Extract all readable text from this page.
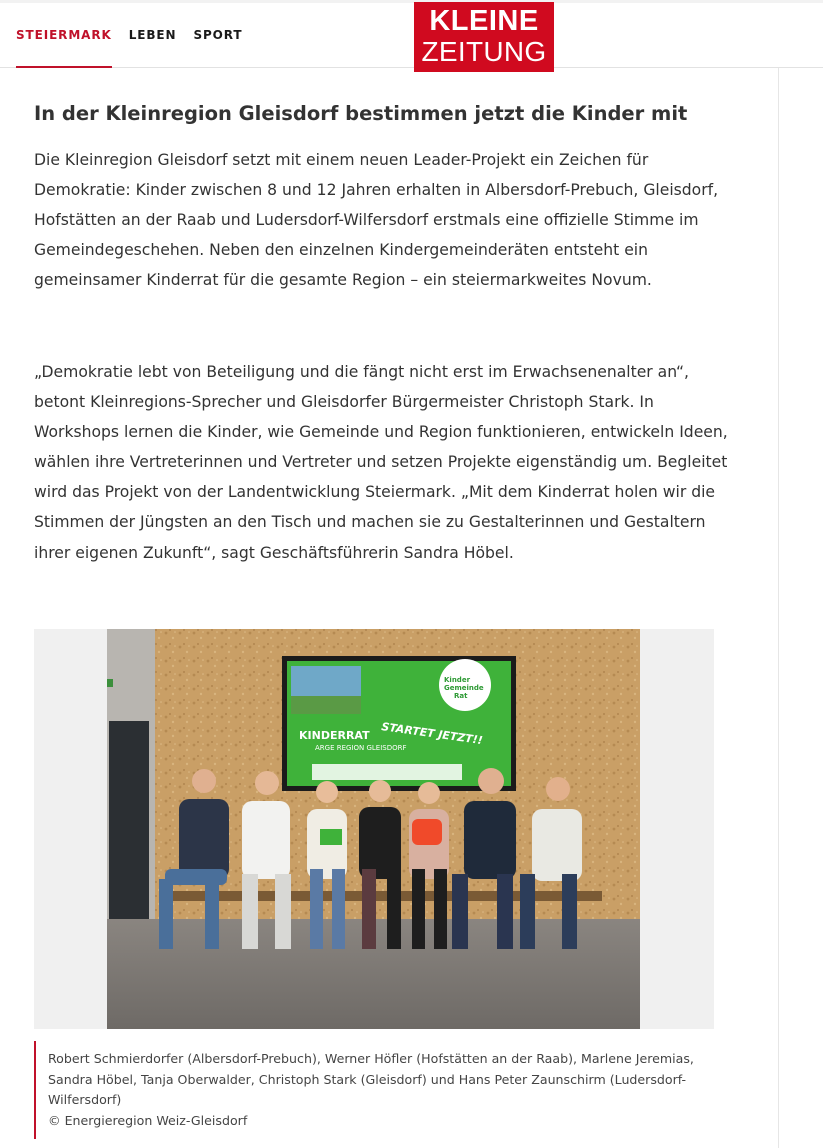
STEIERMARK LEBEN SPORT	KLEINE
ZEITUNG
In der Kleinregion Gleisdorf bestimmen jetzt die Kinder mit

Die Kleinregion Gleisdorf setzt mit einem neuen Leader-Projekt ein Zeichen für Demokratie: Kinder zwischen 8 und 12 Jahren erhalten in Albersdorf-Prebuch, Gleisdorf, Hofstätten an der Raab und Ludersdorf-Wilfersdorf erstmals eine offizielle Stimme im Gemeindegeschehen. Neben den einzelnen Kindergemeinderäten entsteht ein gemeinsamer Kinderrat für die gesamte Region – ein steiermarkweites Novum.

„Demokratie lebt von Beteiligung und die fängt nicht erst im Erwachsenenalter an“, betont Kleinregions-Sprecher und Gleisdorfer Bürgermeister Christoph Stark. In Workshops lernen die Kinder, wie Gemeinde und Region funktionieren, entwickeln Ideen, wählen ihre Vertreterinnen und Vertreter und setzen Projekte eigenständig um. Begleitet wird das Projekt von der Landentwicklung Steiermark. „Mit dem Kinderrat holen wir die Stimmen der Jüngsten an den Tisch und machen sie zu Gestalterinnen und Gestaltern ihrer eigenen Zukunft“, sagt Geschäftsführerin Sandra Höbel.

STARTET JETZT!!
KINDERRAT
ARGE REGION GLEISDORF
Kinder
Gemeinde
Rat
Robert Schmierdorfer (Albersdorf-Prebuch), Werner Höfler (Hofstätten an der Raab), Marlene Jeremias, Sandra Höbel, Tanja Oberwalder, Christoph Stark (Gleisdorf) und Hans Peter Zaunschirm (Ludersdorf-Wilfersdorf)
© Energieregion Weiz-Gleisdorf
